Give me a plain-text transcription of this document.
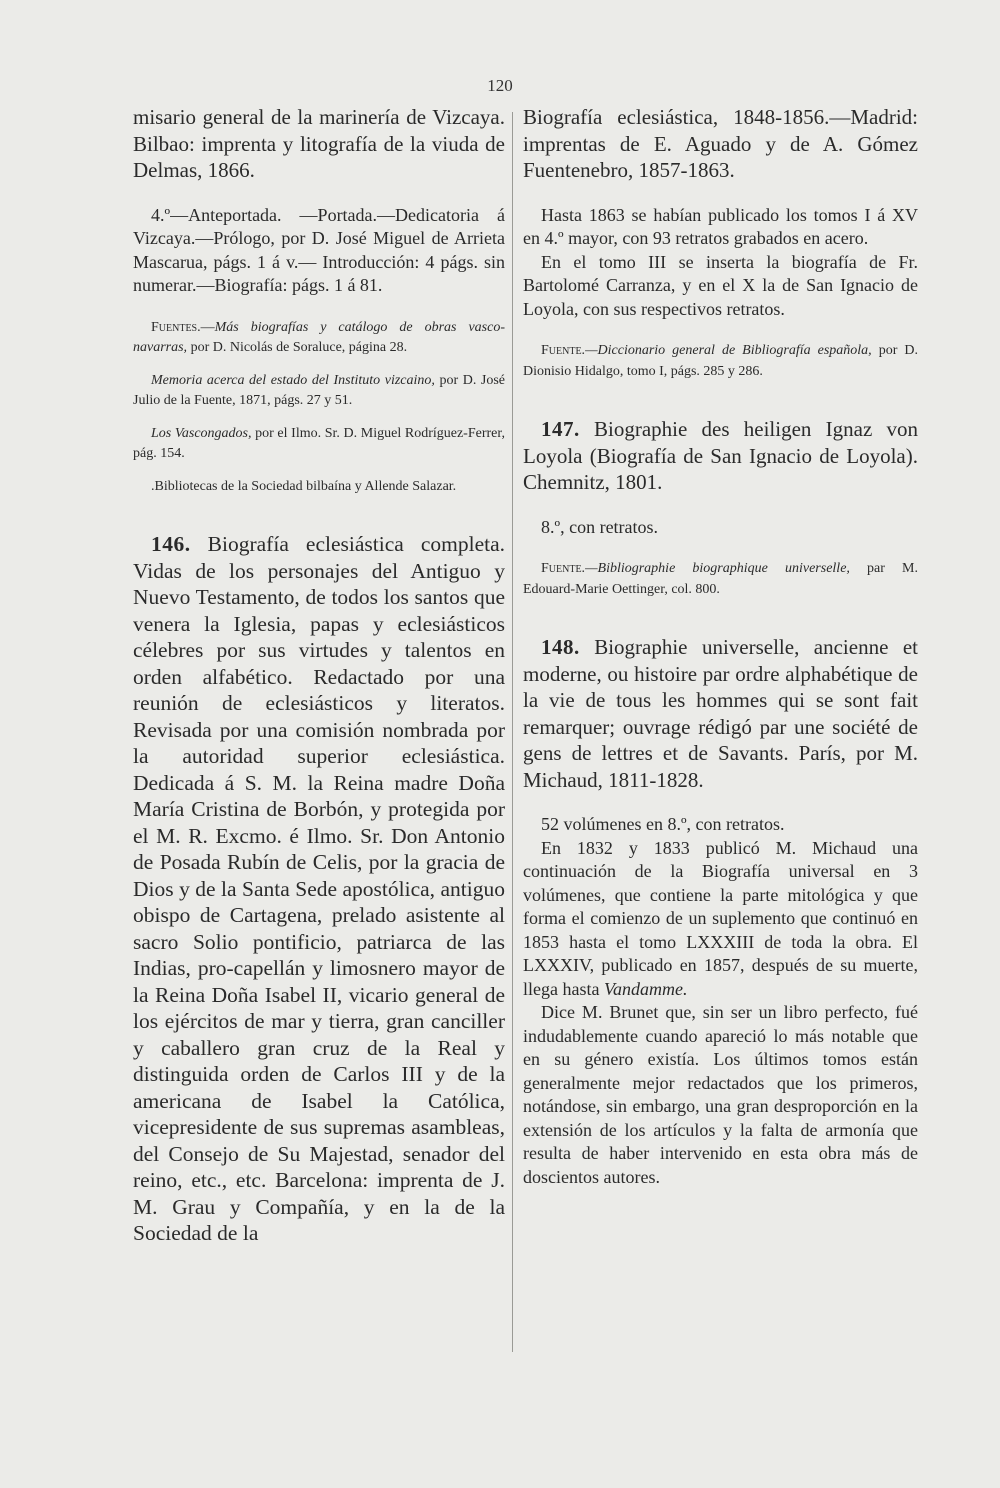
120

misario general de la marinería de Vizcaya. Bilbao: imprenta y litografía de la viuda de Delmas, 1866.

4.º—Anteportada. —Portada.—Dedicatoria á Vizcaya.—Prólogo, por D. José Miguel de Arrieta Mascarua, págs. 1 á v.— Introducción: 4 págs. sin numerar.—Biografía: págs. 1 á 81.

Fuentes.—Más biografías y catálogo de obras vasco-navarras, por D. Nicolás de Soraluce, página 28.

Memoria acerca del estado del Instituto vizcaino, por D. José Julio de la Fuente, 1871, págs. 27 y 51.

Los Vascongados, por el Ilmo. Sr. D. Miguel Rodríguez-Ferrer, pág. 154.

.Bibliotecas de la Sociedad bilbaína y Allende Salazar.

146. Biografía eclesiástica completa. Vidas de los personajes del Antiguo y Nuevo Testamento, de todos los santos que venera la Iglesia, papas y eclesiásticos célebres por sus virtudes y talentos en orden alfabético. Redactado por una reunión de eclesiásticos y literatos. Revisada por una comisión nombrada por la autoridad superior eclesiástica. Dedicada á S. M. la Reina madre Doña María Cristina de Borbón, y protegida por el M. R. Excmo. é Ilmo. Sr. Don Antonio de Posada Rubín de Celis, por la gracia de Dios y de la Santa Sede apostólica, antiguo obispo de Cartagena, prelado asistente al sacro Solio pontificio, patriarca de las Indias, pro-capellán y limosnero mayor de la Reina Doña Isabel II, vicario general de los ejércitos de mar y tierra, gran canciller y caballero gran cruz de la Real y distinguida orden de Carlos III y de la americana de Isabel la Católica, vicepresidente de sus supremas asambleas, del Consejo de Su Majestad, senador del reino, etc., etc. Barcelona: imprenta de J. M. Grau y Compañía, y en la de la Sociedad de la

Biografía eclesiástica, 1848-1856.—Madrid: imprentas de E. Aguado y de A. Gómez Fuentenebro, 1857-1863.

Hasta 1863 se habían publicado los tomos I á XV en 4.º mayor, con 93 retratos grabados en acero.

En el tomo III se inserta la biografía de Fr. Bartolomé Carranza, y en el X la de San Ignacio de Loyola, con sus respectivos retratos.

Fuente.—Diccionario general de Bibliografía española, por D. Dionisio Hidalgo, tomo I, págs. 285 y 286.

147. Biographie des heiligen Ignaz von Loyola (Biografía de San Ignacio de Loyola). Chemnitz, 1801.

8.º, con retratos.

Fuente.—Bibliographie biographique universelle, par M. Edouard-Marie Oettinger, col. 800.

148. Biographie universelle, ancienne et moderne, ou histoire par ordre alphabétique de la vie de tous les hommes qui se sont fait remarquer; ouvrage rédigó par une société de gens de lettres et de Savants. París, por M. Michaud, 1811-1828.

52 volúmenes en 8.º, con retratos.

En 1832 y 1833 publicó M. Michaud una continuación de la Biografía universal en 3 volúmenes, que contiene la parte mitológica y que forma el comienzo de un suplemento que continuó en 1853 hasta el tomo LXXXIII de toda la obra. El LXXXIV, publicado en 1857, después de su muerte, llega hasta Vandamme.

Dice M. Brunet que, sin ser un libro perfecto, fué indudablemente cuando apareció lo más notable que en su género existía. Los últimos tomos están generalmente mejor redactados que los primeros, notándose, sin embargo, una gran desproporción en la extensión de los artículos y la falta de armonía que resulta de haber intervenido en esta obra más de doscientos autores.
